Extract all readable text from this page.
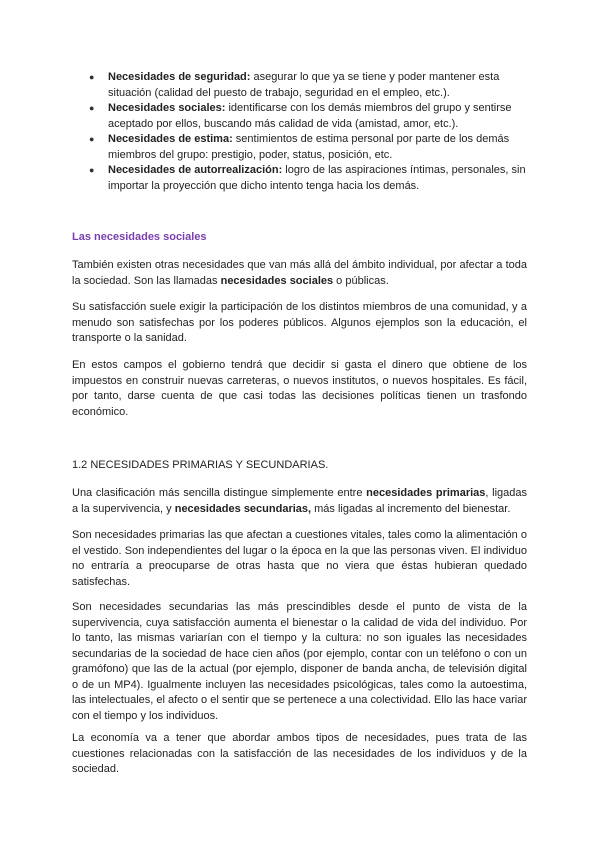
● Necesidades de seguridad: asegurar lo que ya se tiene y poder mantener esta situación (calidad del puesto de trabajo, seguridad en el empleo, etc.).
● Necesidades sociales: identificarse con los demás miembros del grupo y sentirse aceptado por ellos, buscando más calidad de vida (amistad, amor, etc.).
● Necesidades de estima: sentimientos de estima personal por parte de los demás miembros del grupo: prestigio, poder, status, posición, etc.
● Necesidades de autorrealización: logro de las aspiraciones íntimas, personales, sin importar la proyección que dicho intento tenga hacia los demás.
Las necesidades sociales

También existen otras necesidades que van más allá del ámbito individual, por afectar a toda la sociedad. Son las llamadas necesidades sociales o públicas.

Su satisfacción suele exigir la participación de los distintos miembros de una comunidad, y a menudo son satisfechas por los poderes públicos. Algunos ejemplos son la educación, el transporte o la sanidad.

En estos campos el gobierno tendrá que decidir si gasta el dinero que obtiene de los impuestos en construir nuevas carreteras, o nuevos institutos, o nuevos hospitales. Es fácil, por tanto, darse cuenta de que casi todas las decisiones políticas tienen un trasfondo económico.

1.2 NECESIDADES PRIMARIAS Y SECUNDARIAS.

Una clasificación más sencilla distingue simplemente entre necesidades primarias, ligadas a la supervivencia, y necesidades secundarias, más ligadas al incremento del bienestar.

Son necesidades primarias las que afectan a cuestiones vitales, tales como la alimentación o el vestido. Son independientes del lugar o la época en la que las personas viven. El individuo no entraría a preocuparse de otras hasta que no viera que éstas hubieran quedado satisfechas.

Son necesidades secundarias las más prescindibles desde el punto de vista de la supervivencia, cuya satisfacción aumenta el bienestar o la calidad de vida del individuo. Por lo tanto, las mismas variarían con el tiempo y la cultura: no son iguales las necesidades secundarias de la sociedad de hace cien años (por ejemplo, contar con un teléfono o con un gramófono) que las de la actual (por ejemplo, disponer de banda ancha, de televisión digital o de un MP4). Igualmente incluyen las necesidades psicológicas, tales como la autoestima, las intelectuales, el afecto o el sentir que se pertenece a una colectividad. Ello las hace variar con el tiempo y los individuos.

La economía va a tener que abordar ambos tipos de necesidades, pues trata de las cuestiones relacionadas con la satisfacción de las necesidades de los individuos y de la sociedad.
